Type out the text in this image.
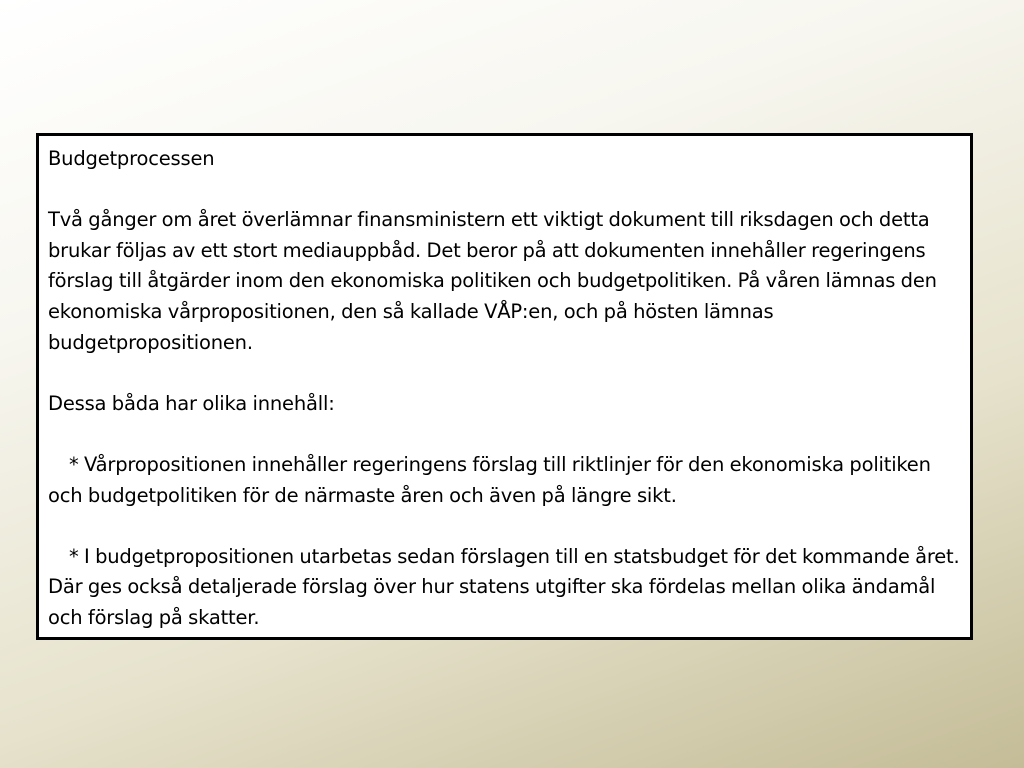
Budgetprocessen

Två gånger om året överlämnar finansministern ett viktigt dokument till riksdagen och detta brukar följas av ett stort mediauppbåd. Det beror på att dokumenten innehåller regeringens förslag till åtgärder inom den ekonomiska politiken och budgetpolitiken. På våren lämnas den ekonomiska vårpropositionen, den så kallade VÅP:en, och på hösten lämnas budgetpropositionen.

Dessa båda har olika innehåll:

* Vårpropositionen innehåller regeringens förslag till riktlinjer för den ekonomiska politiken och budgetpolitiken för de närmaste åren och även på längre sikt.

* I budgetpropositionen utarbetas sedan förslagen till en statsbudget för det kommande året. Där ges också detaljerade förslag över hur statens utgifter ska fördelas mellan olika ändamål och förslag på skatter.
